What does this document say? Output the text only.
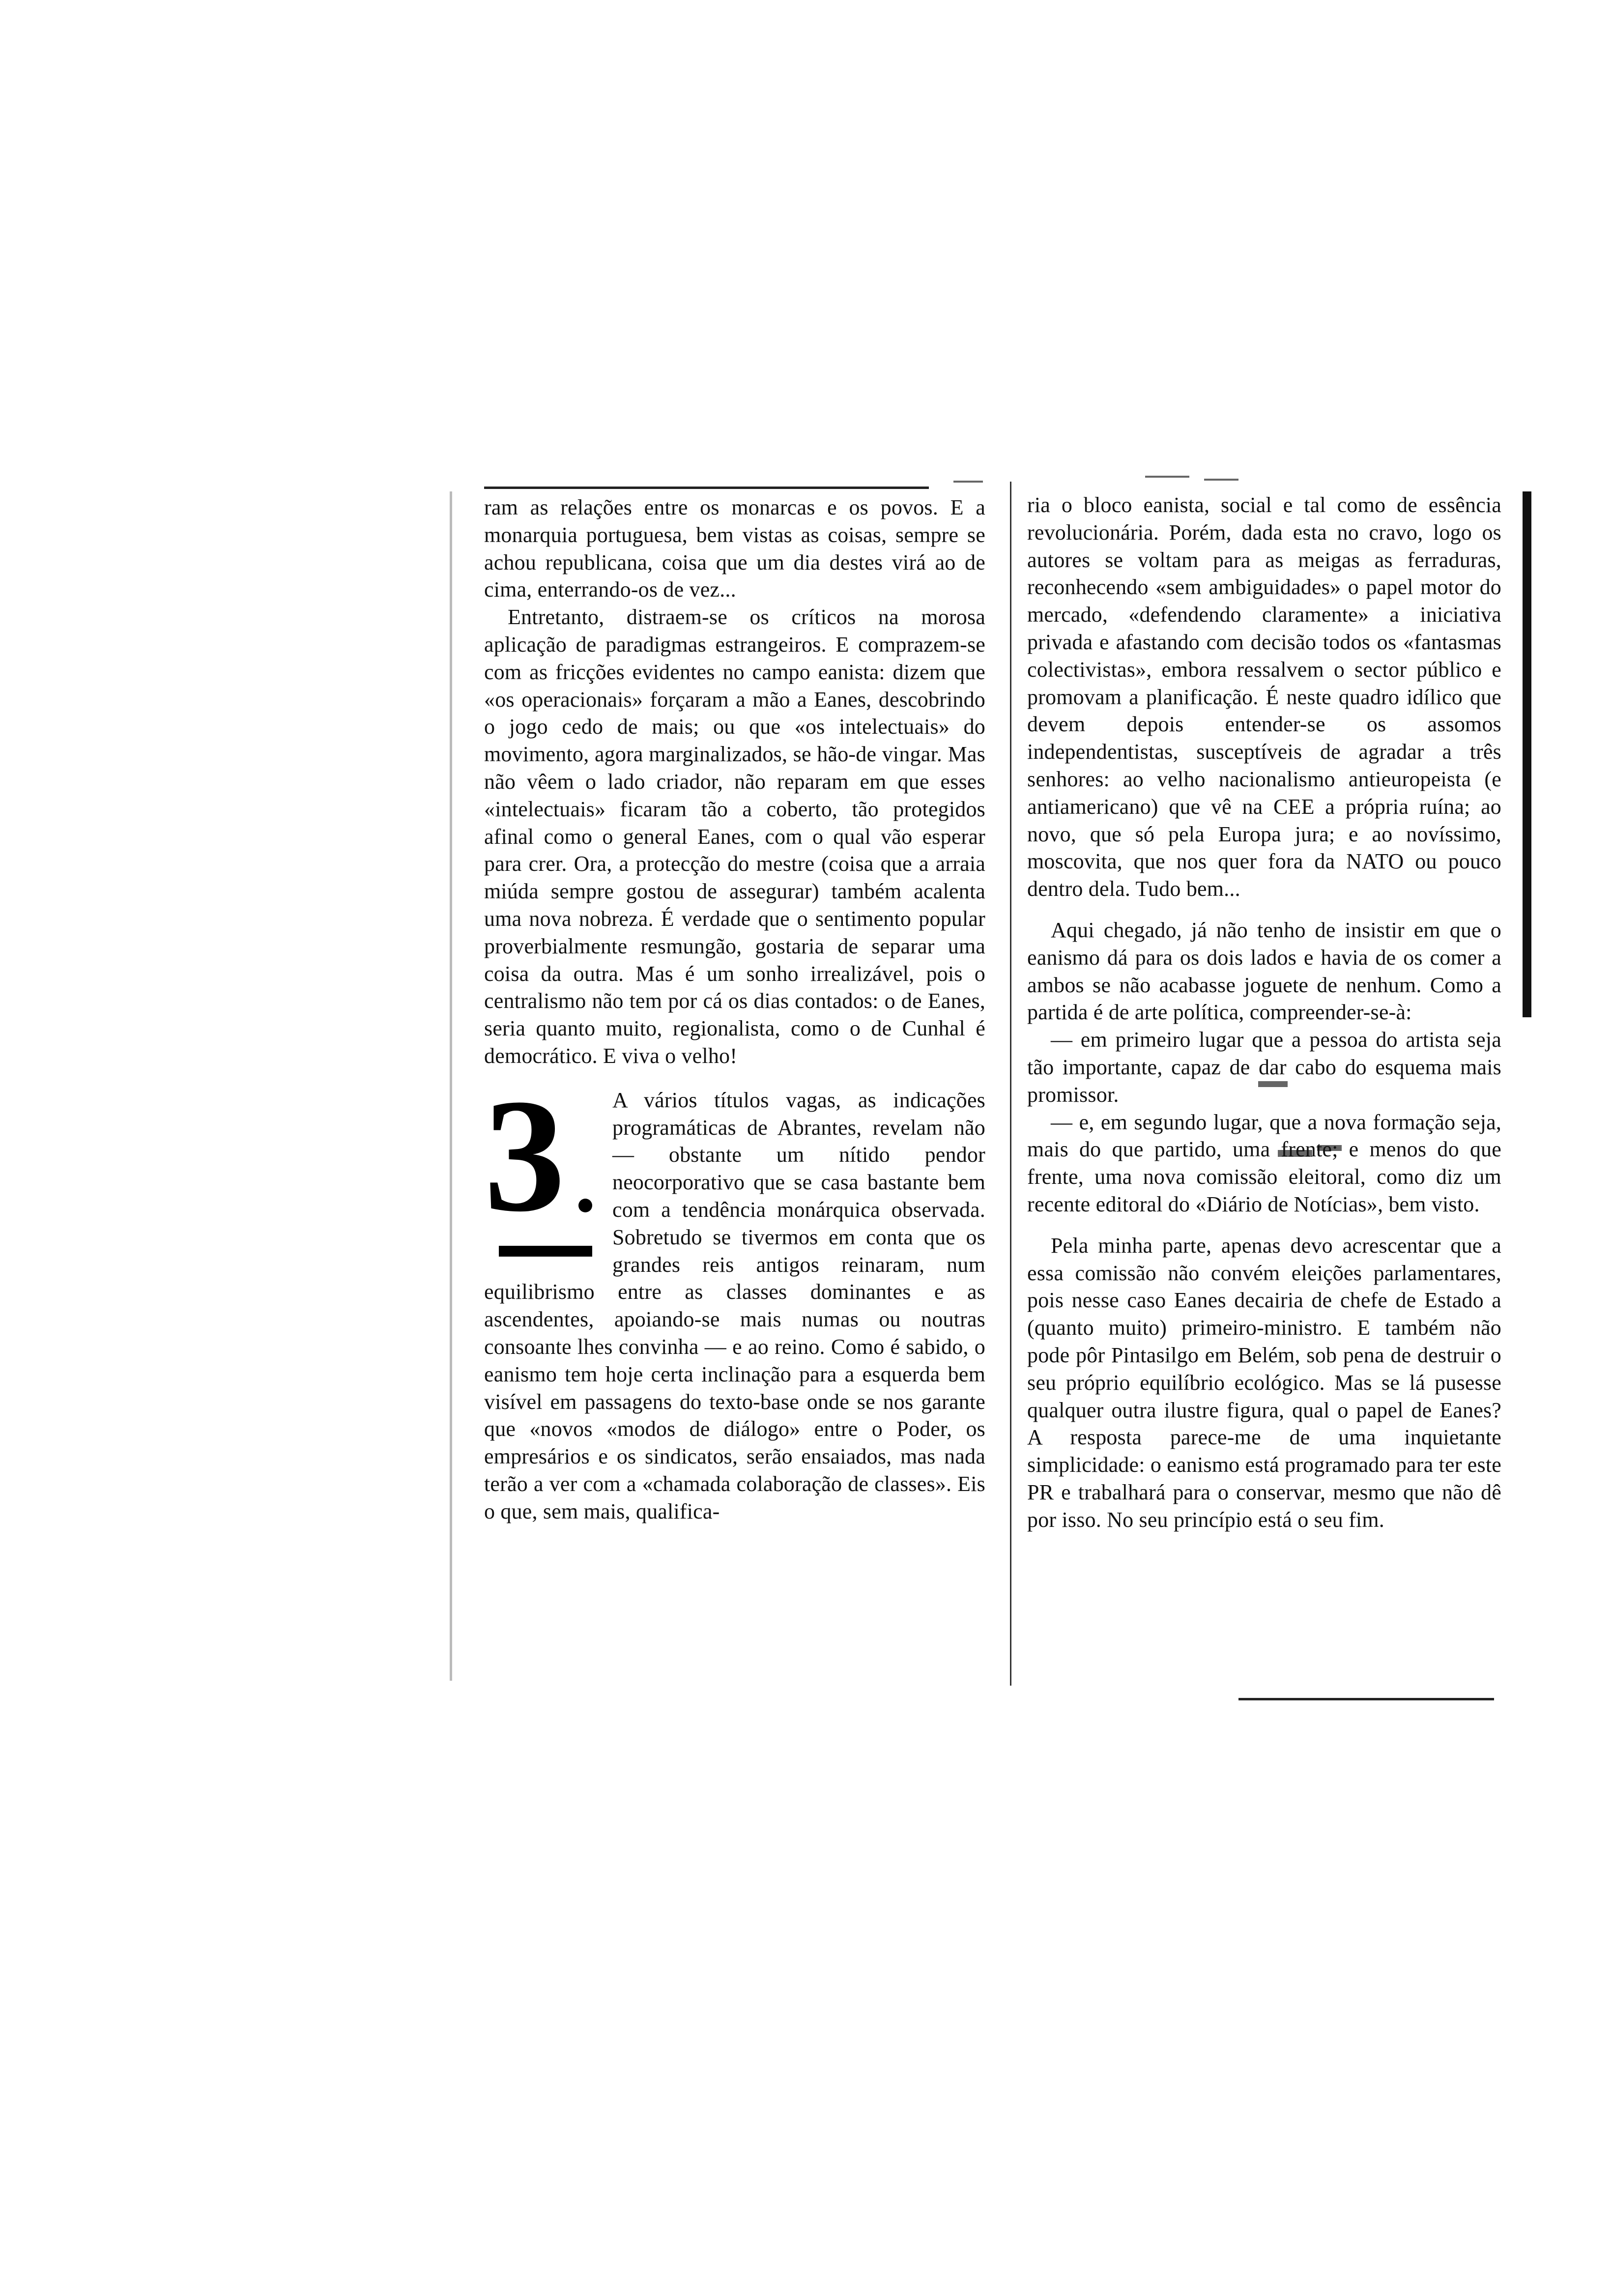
ram as relações entre os monarcas e os povos. E a monarquia portuguesa, bem vistas as coisas, sempre se achou republicana, coisa que um dia destes virá ao de cima, enterrando-os de vez...

Entretanto, distraem-se os críticos na morosa aplicação de paradigmas estrangeiros. E comprazem-se com as fricções evidentes no campo eanista: dizem que «os operacionais» forçaram a mão a Eanes, descobrindo o jogo cedo de mais; ou que «os intelectuais» do movimento, agora marginalizados, se hão-de vingar. Mas não vêem o lado criador, não reparam em que esses «intelectuais» ficaram tão a coberto, tão protegidos afinal como o general Eanes, com o qual vão esperar para crer. Ora, a protecção do mestre (coisa que a arraia miúda sempre gostou de assegurar) também acalenta uma nova nobreza. É verdade que o sentimento popular proverbialmente resmungão, gostaria de separar uma coisa da outra. Mas é um sonho irrealizável, pois o centralismo não tem por cá os dias contados: o de Eanes, seria quanto muito, regionalista, como o de Cunhal é democrático. E viva o velho!

3	A vários títulos vagas, as indicações programáticas de Abrantes, revelam não — obstante um nítido pendor neocorporativo que se casa bastante bem com a tendência monárquica observada. Sobretudo se tivermos em conta que os grandes reis antigos reinaram, num equilibrismo entre as classes dominantes e as ascendentes, apoiando-se mais numas ou noutras consoante lhes convinha — e ao reino. Como é sabido, o eanismo tem hoje certa inclinação para a esquerda bem visível em passagens do texto-base onde se nos garante que «novos «modos de diálogo» entre o Poder, os empresários e os sindicatos, serão ensaiados, mas nada terão a ver com a «chamada colaboração de classes». Eis o que, sem mais, qualifica-

ria o bloco eanista, social e tal como de essência revolucionária. Porém, dada esta no cravo, logo os autores se voltam para as meigas as ferraduras, reconhecendo «sem ambiguidades» o papel motor do mercado, «defendendo claramente» a iniciativa privada e afastando com decisão todos os «fantasmas colectivistas», embora ressalvem o sector público e promovam a planificação. É neste quadro idílico que devem depois entender-se os assomos independentistas, susceptíveis de agradar a três senhores: ao velho nacionalismo antieuropeista (e antiamericano) que vê na CEE a própria ruína; ao novo, que só pela Europa jura; e ao novíssimo, moscovita, que nos quer fora da NATO ou pouco dentro dela. Tudo bem...

Aqui chegado, já não tenho de insistir em que o eanismo dá para os dois lados e havia de os comer a ambos se não acabasse joguete de nenhum. Como a partida é de arte política, compreender-se-à:

— em primeiro lugar que a pessoa do artista seja tão importante, capaz de dar cabo do esquema mais promissor.

— e, em segundo lugar, que a nova formação seja, mais do que partido, uma frente; e menos do que frente, uma nova comissão eleitoral, como diz um recente editoral do «Diário de Notícias», bem visto.

Pela minha parte, apenas devo acrescentar que a essa comissão não convém eleições parlamentares, pois nesse caso Eanes decairia de chefe de Estado a (quanto muito) primeiro-ministro. E também não pode pôr Pintasilgo em Belém, sob pena de destruir o seu próprio equilíbrio ecológico. Mas se lá pusesse qualquer outra ilustre figura, qual o papel de Eanes? A resposta parece-me de uma inquietante simplicidade: o eanismo está programado para ter este PR e trabalhará para o conservar, mesmo que não dê por isso. No seu princípio está o seu fim.
